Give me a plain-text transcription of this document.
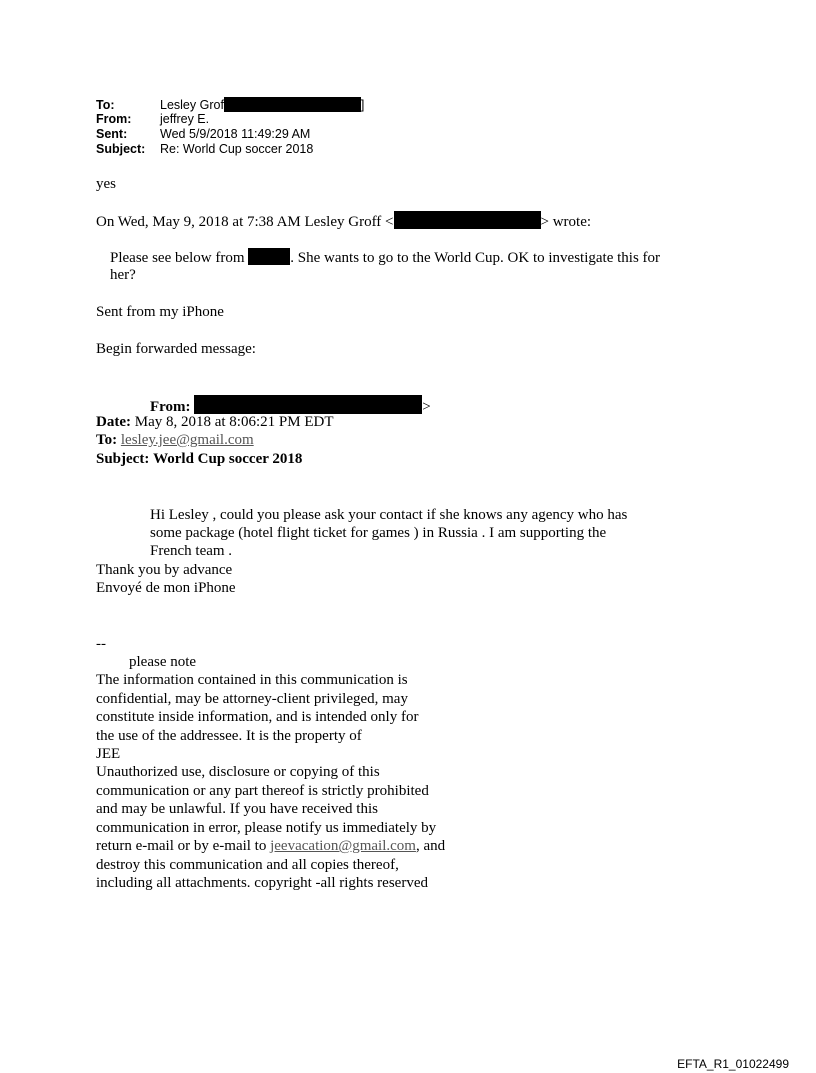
To:	Lesley Grof	]
From: jeffrey E.
Sent:	Wed 5/9/2018 11:49:29 AM
Subject: Re: World Cup soccer 2018
yes
On Wed, May 9, 2018 at 7:38 AM Lesley Groff <	> wrote:
Please see below from	. She wants to go to the World Cup. OK to investigate this for
her?
Sent from my iPhone
Begin forwarded message:
From:	>
Date: May 8, 2018 at 8:06:21 PM EDT
To: lesley.jee@gmail.com
Subject: World Cup soccer 2018
Hi Lesley , could you please ask your contact if she knows any agency who has
some package (hotel flight ticket for games ) in Russia . I am supporting the
French team .
Thank you by advance
Envoyé de mon iPhone
--
please note
The information contained in this communication is
confidential, may be attorney-client privileged, may
constitute inside information, and is intended only for
the use of the addressee. It is the property of
JEE
Unauthorized use, disclosure or copying of this
communication or any part thereof is strictly prohibited
and may be unlawful. If you have received this
communication in error, please notify us immediately by
return e-mail or by e-mail to jeevacation@gmail.com, and
destroy this communication and all copies thereof,
including all attachments. copyright -all rights reserved
EFTA_R1_01022499
